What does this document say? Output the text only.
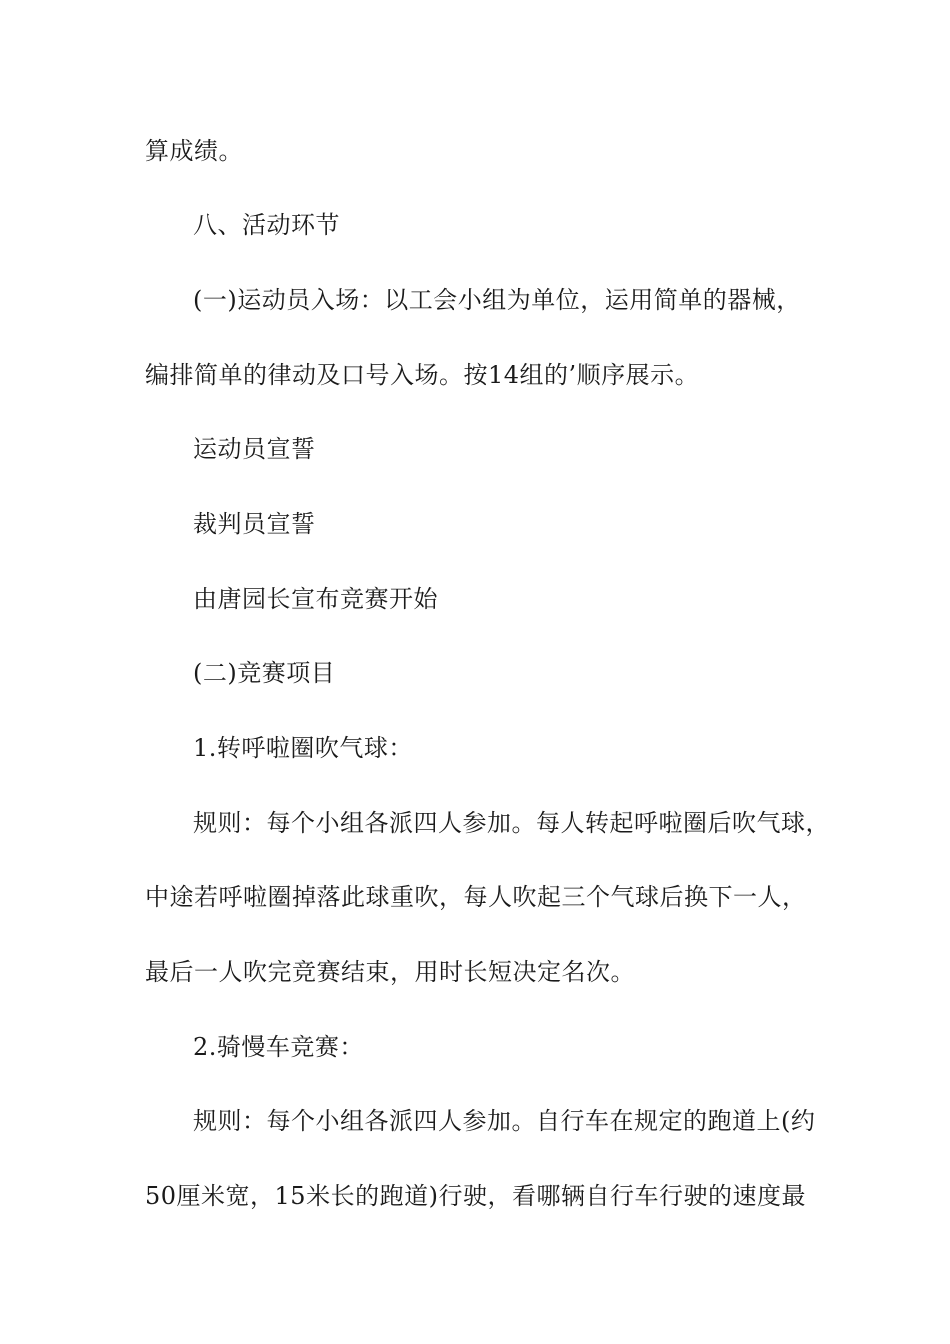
算成绩。
八、活动环节
(一)运动员入场：以工会小组为单位，运用简单的器械，
编排简单的律动及口号入场。按14组的’顺序展示。
运动员宣誓
裁判员宣誓
由唐园长宣布竞赛开始
(二)竞赛项目
1.转呼啦圈吹气球：
规则：每个小组各派四人参加。每人转起呼啦圈后吹气球，
中途若呼啦圈掉落此球重吹，每人吹起三个气球后换下一人，
最后一人吹完竞赛结束，用时长短决定名次。
2.骑慢车竞赛：
规则：每个小组各派四人参加。自行车在规定的跑道上(约
50厘米宽，15米长的跑道)行驶，看哪辆自行车行驶的速度最
